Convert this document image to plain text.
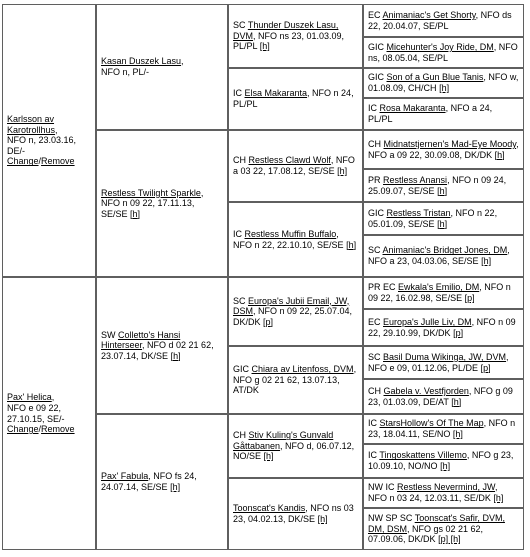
Karlsson av Karotrollhus,
NFO n, 23.03.16,
DE/-
Change/Remove
Pax' Helica,
NFO e 09 22,
27.10.15, SE/-
Change/Remove
Kasan Duszek Lasu,
NFO n, PL/-
Restless Twilight Sparkle,
NFO n 09 22, 17.11.13, SE/SE [h]
SW Colletto's Hansi Hinterseer, NFO d 02 21 62, 23.07.14, DK/SE [h]
Pax' Fabula, NFO fs 24, 24.07.14, SE/SE [h]
SC Thunder Duszek Lasu, DVM, NFO ns 23, 01.03.09, PL/PL [h]
IC Elsa Makaranta, NFO n 24, PL/PL
CH Restless Clawd Wolf, NFO a 03 22, 17.08.12, SE/SE [h]
IC Restless Muffin Buffalo, NFO n 22, 22.10.10, SE/SE [h]
SC Europa's Jubii Email, JW, DSM, NFO n 09 22, 25.07.04, DK/DK [p]
GIC Chiara av Litenfoss, DVM, NFO g 02 21 62, 13.07.13, AT/DK
CH Stiv Kuling's Gunvald Gåttabanen, NFO d, 06.07.12, NO/SE [h]
Toonscat's Kandis, NFO ns 03 23, 04.02.13, DK/SE [h]
EC Animaniac's Get Shorty, NFO ds 22, 20.04.07, SE/PL
GIC Micehunter's Joy Ride, DM, NFO ns, 08.05.04, SE/PL
GIC Son of a Gun Blue Tanis, NFO w, 01.08.09, CH/CH [h]
IC Rosa Makaranta, NFO a 24, PL/PL
CH Midnatstjernen's Mad-Eye Moody, NFO a 09 22, 30.09.08, DK/DK [h]
PR Restless Anansi, NFO n 09 24, 25.09.07, SE/SE [h]
GIC Restless Tristan, NFO n 22, 05.01.09, SE/SE [h]
SC Animaniac's Bridget Jones, DM, NFO a 23, 04.03.06, SE/SE [h]
PR EC Ewkala's Emilio, DM, NFO n 09 22, 16.02.98, SE/SE [p]
EC Europa's Julle Liv, DM, NFO n 09 22, 29.10.99, DK/DK [p]
SC Basil Duma Wikinga, JW, DVM, NFO e 09, 01.12.06, PL/DE [p]
CH Gabela v. Vestfjorden, NFO g 09 23, 01.03.09, DE/AT [h]
IC StarsHollow's Of The Map, NFO n 23, 18.04.11, SE/NO [h]
IC Tingoskattens Villemo, NFO g 23, 10.09.10, NO/NO [h]
NW IC Restless Nevermind, JW, NFO n 03 24, 12.03.11, SE/DK [h]
NW SP SC Toonscat's Safir, DVM, DM, DSM, NFO gs 02 21 62, 07.09.06, DK/DK [p] [h]
